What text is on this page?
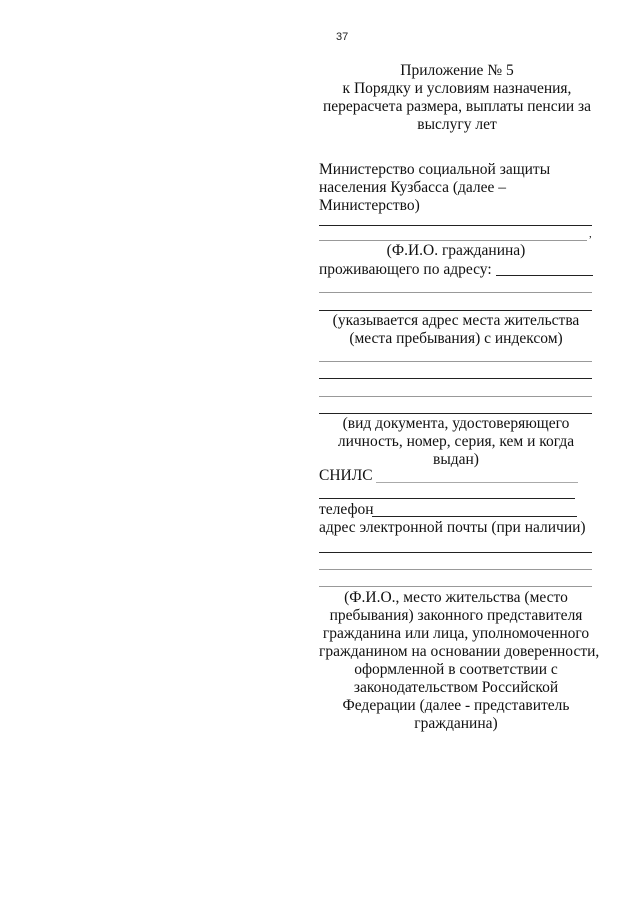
37
Приложение № 5
к Порядку и условиям назначения,
перерасчета размера, выплаты пенсии за
выслугу лет
Министерство социальной защиты
населения Кузбасса (далее –
Министерство)
,
(Ф.И.О. гражданина)
проживающего по адресу:
(указывается адрес места жительства
(места пребывания) с индексом)
(вид документа, удостоверяющего
личность, номер, серия, кем и когда
выдан)
СНИЛС
телефон
адрес электронной почты (при наличии)
(Ф.И.О., место жительства (место
пребывания) законного представителя
гражданина или лица, уполномоченного
гражданином на основании доверенности,
оформленной в соответствии с
законодательством Российской
Федерации (далее - представитель
гражданина)
